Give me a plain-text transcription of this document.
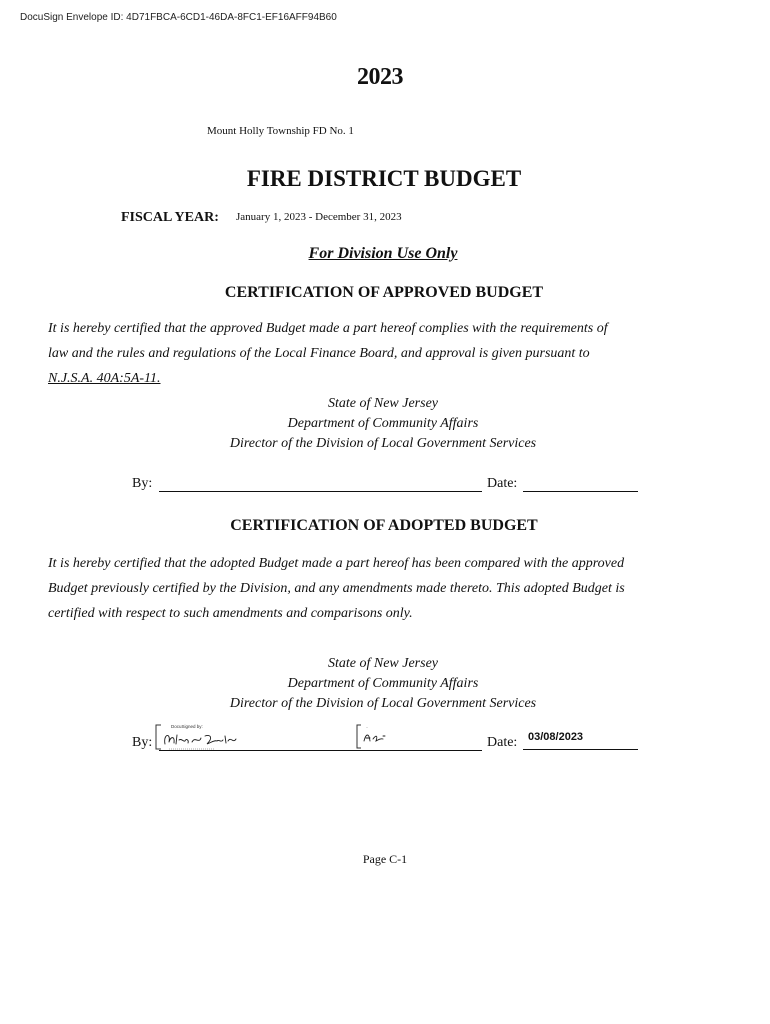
DocuSign Envelope ID: 4D71FBCA-6CD1-46DA-8FC1-EF16AFF94B60
2023
Mount Holly Township FD No. 1
FIRE DISTRICT BUDGET
FISCAL YEAR: January 1, 2023 - December 31, 2023
For Division Use Only
CERTIFICATION OF APPROVED BUDGET
It is hereby certified that the approved Budget made a part hereof complies with the requirements of
law and the rules and regulations of the Local Finance Board, and approval is given pursuant to
N.J.S.A. 40A:5A-11.
State of New Jersey
Department of Community Affairs
Director of the Division of Local Government Services
By:	Date:
CERTIFICATION OF ADOPTED BUDGET
It is hereby certified that the adopted Budget made a part hereof has been compared with the approved
Budget previously certified by the Division, and any amendments made thereto. This adopted Budget is
certified with respect to such amendments and comparisons only.
State of New Jersey
Department of Community Affairs
Director of the Division of Local Government Services
By:
DocuSigned by:	..
Date: 03/08/2023
Page C-1
